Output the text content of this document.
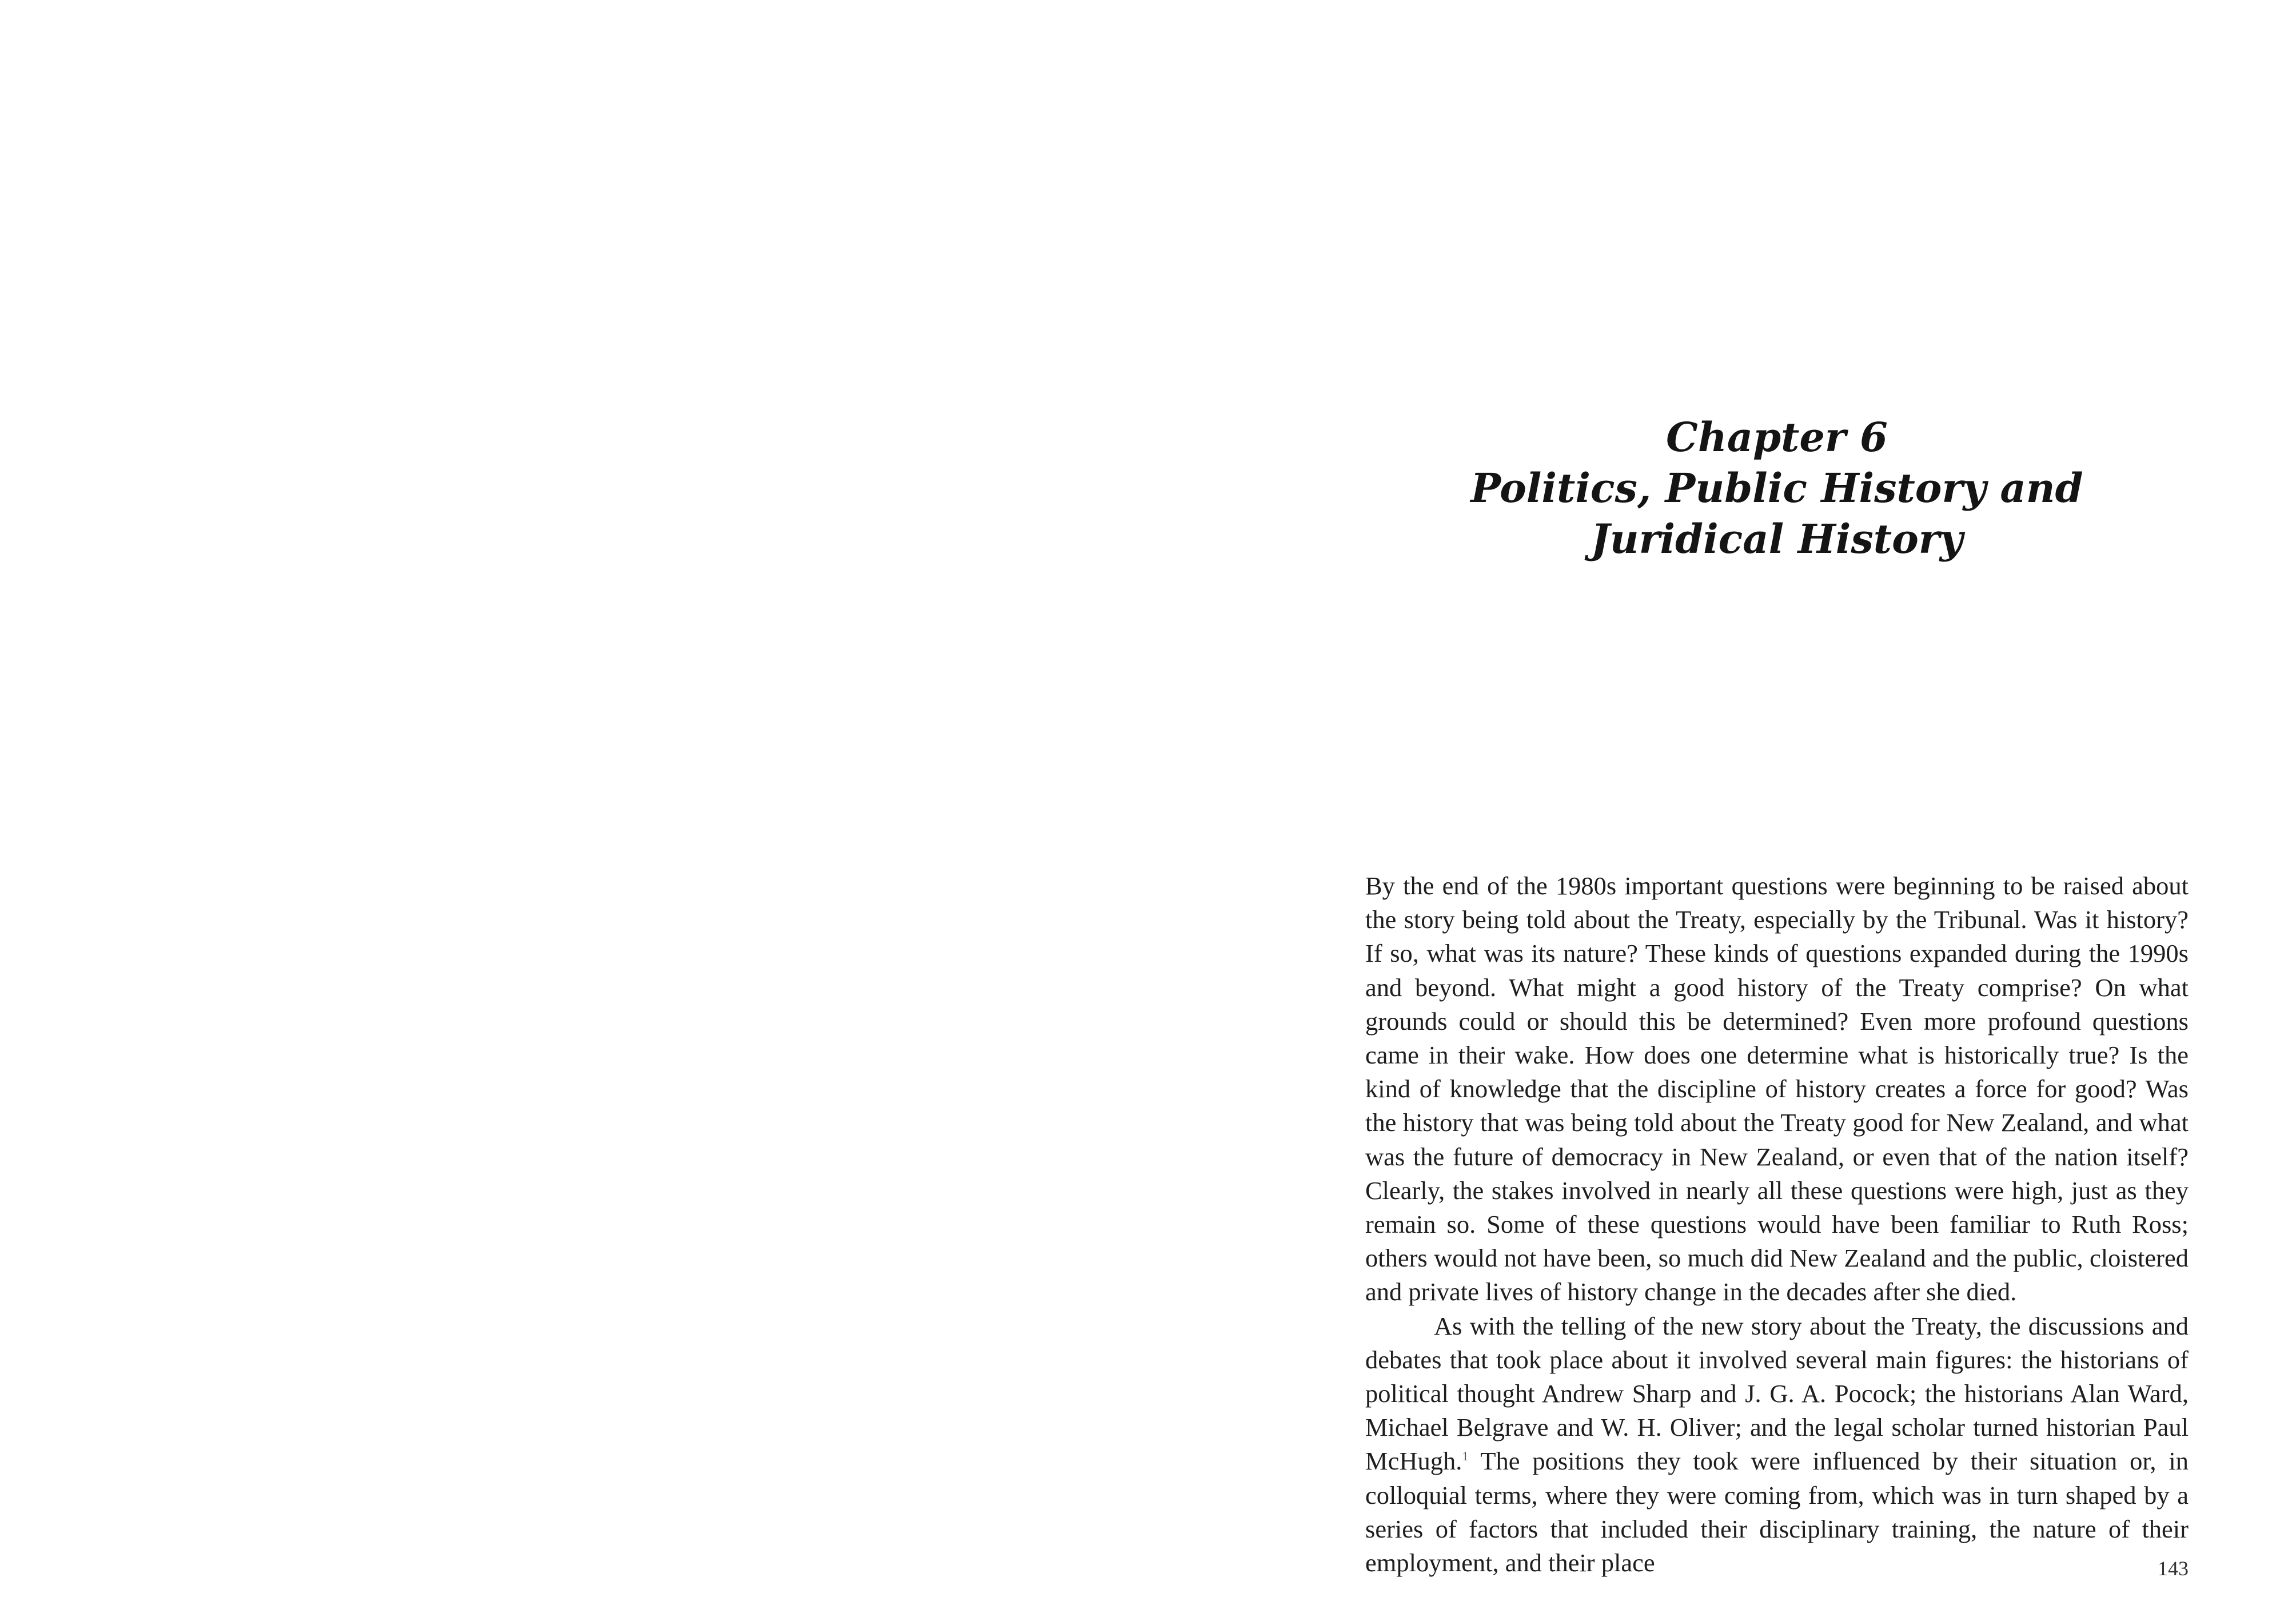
Chapter 6
Politics, Public History and
Juridical History

By the end of the 1980s important questions were beginning to be raised about the story being told about the Treaty, especially by the Tribunal. Was it history? If so, what was its nature? These kinds of questions expanded during the 1990s and beyond. What might a good history of the Treaty comprise? On what grounds could or should this be determined? Even more profound questions came in their wake. How does one determine what is historically true? Is the kind of knowledge that the discipline of history creates a force for good? Was the history that was being told about the Treaty good for New Zealand, and what was the future of democracy in New Zealand, or even that of the nation itself? Clearly, the stakes involved in nearly all these questions were high, just as they remain so. Some of these questions would have been familiar to Ruth Ross; others would not have been, so much did New Zealand and the public, cloistered and private lives of history change in the decades after she died.

As with the telling of the new story about the Treaty, the discussions and debates that took place about it involved several main figures: the historians of political thought Andrew Sharp and J. G. A. Pocock; the historians Alan Ward, Michael Belgrave and W. H. Oliver; and the legal scholar turned historian Paul McHugh.$^1$ The positions they took were influenced by their situation or, in colloquial terms, where they were coming from, which was in turn shaped by a series of factors that included their disciplinary training, the nature of their employment, and their place	143
